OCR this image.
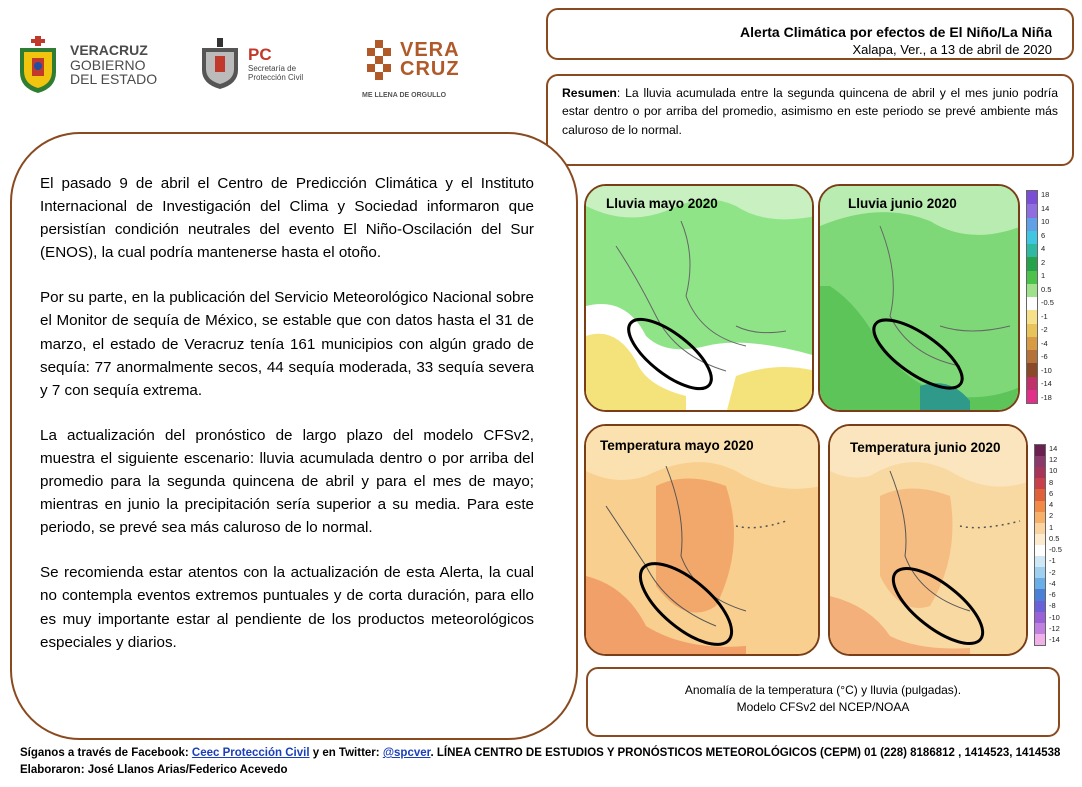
VERACRUZ
GOBIERNO
DEL ESTADO
PC
Secretaría de
Protección Civil
VERA
CRUZ
ME LLENA DE ORGULLO
Alerta Climática por efectos de El Niño/La Niña
Xalapa, Ver., a 13 de abril de 2020
Resumen: La lluvia acumulada entre la segunda quincena de abril y el mes junio podría estar dentro o por arriba del promedio, asimismo en este periodo se prevé ambiente más caluroso de lo normal.

El pasado 9 de abril el Centro de Predicción Climática y el Instituto Internacional de Investigación del Clima y Sociedad informaron que persistían condición neutrales del evento El Niño-Oscilación del Sur (ENOS), la cual podría mantenerse hasta el otoño.

Por su parte, en la publicación del Servicio Meteorológico Nacional sobre el Monitor de sequía de México, se estable que con datos hasta el 31 de marzo, el estado de Veracruz tenía 161 municipios con algún grado de sequía: 77 anormalmente secos, 44 sequía moderada, 33 sequía severa y 7 con sequía extrema.

La actualización del pronóstico de largo plazo del modelo CFSv2, muestra el siguiente escenario: lluvia acumulada dentro o por arriba del promedio para la segunda quincena de abril y para el mes de mayo; mientras en junio la precipitación sería superior a su media. Para este periodo, se prevé sea más caluroso de lo normal.

Se recomienda estar atentos con la actualización de esta Alerta, la cual no contempla eventos extremos puntuales y de corta duración, para ello es muy importante estar al pendiente de los productos meteorológicos especiales y diarios.

Lluvia mayo 2020	Lluvia junio 2020
18
14
10
6
4
2
1
0.5
-0.5
-1
-2
-4
-6
-10
-14
-18
Temperatura mayo 2020	Temperatura junio 2020	14
12
10
8
6
4
2
1
0.5
-0.5
-1
-2
-4
-6
-8
-10
-12
-14
Anomalía de la temperatura (°C) y lluvia (pulgadas).
Modelo CFSv2 del NCEP/NOAA
Síganos a través de Facebook: Ceec Protección Civil y en Twitter: @spcver. LÍNEA CENTRO DE ESTUDIOS Y PRONÓSTICOS METEOROLÓGICOS (CEPM) 01 (228) 8186812 , 1414523, 1414538
Elaboraron: José Llanos Arias/Federico Acevedo
